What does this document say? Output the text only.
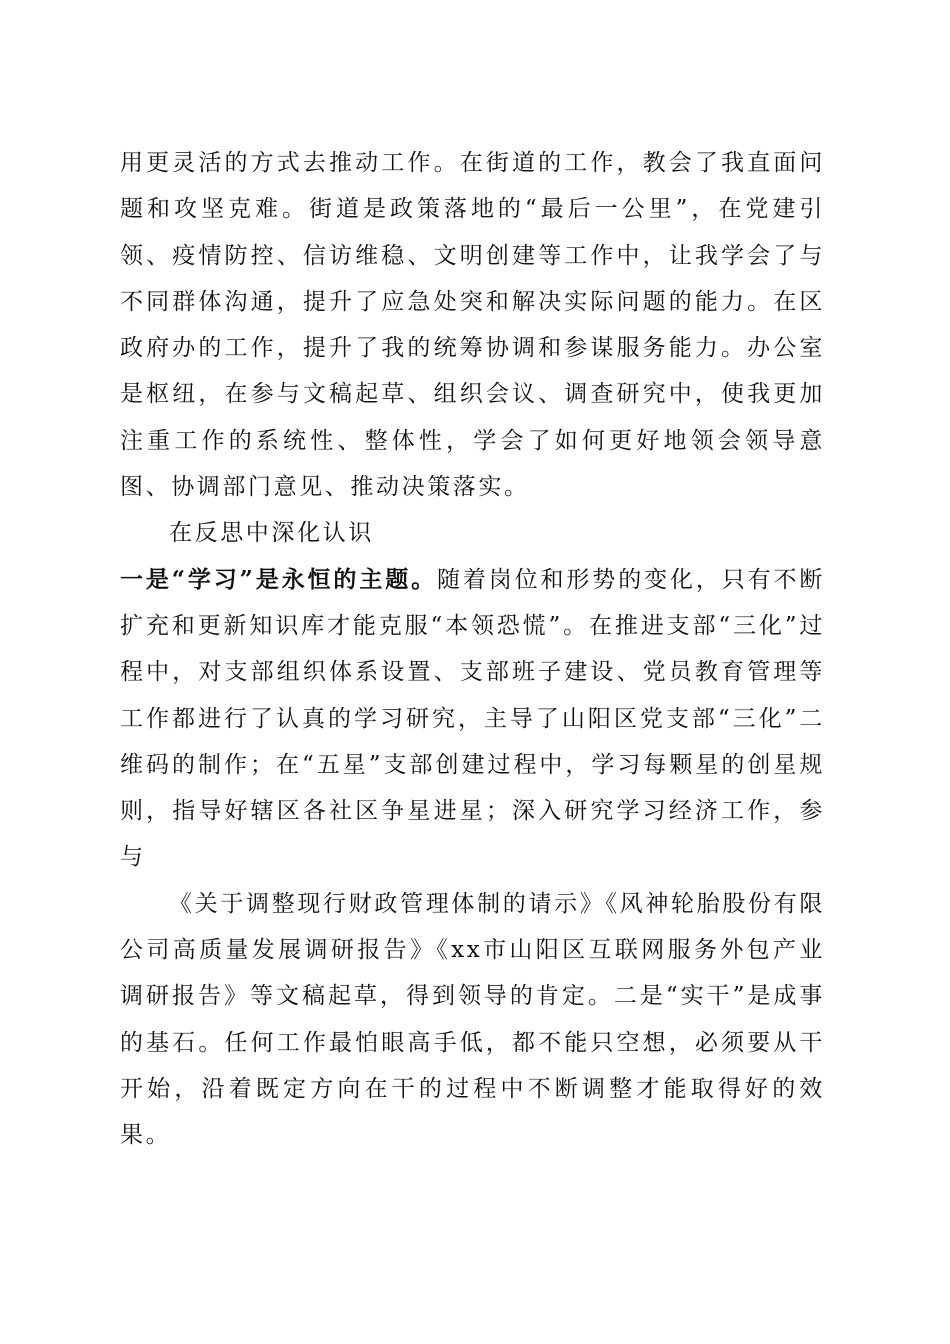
用更灵活的方式去推动工作。在街道的工作，教会了我直面问题和攻坚克难。街道是政策落地的“最后一公里”，在党建引领、疫情防控、信访维稳、文明创建等工作中，让我学会了与不同群体沟通，提升了应急处突和解决实际问题的能力。在区政府办的工作，提升了我的统筹协调和参谋服务能力。办公室是枢纽，在参与文稿起草、组织会议、调查研究中，使我更加注重工作的系统性、整体性，学会了如何更好地领会领导意图、协调部门意见、推动决策落实。

在反思中深化认识

一是“学习”是永恒的主题。随着岗位和形势的变化，只有不断扩充和更新知识库才能克服“本领恐慌”。在推进支部“三化”过程中，对支部组织体系设置、支部班子建设、党员教育管理等工作都进行了认真的学习研究，主导了山阳区党支部“三化”二维码的制作；在“五星”支部创建过程中，学习每颗星的创星规则，指导好辖区各社区争星进星；深入研究学习经济工作，参与

《关于调整现行财政管理体制的请示》《风神轮胎股份有限公司高质量发展调研报告》《xx市山阳区互联网服务外包产业调研报告》等文稿起草，得到领导的肯定。二是“实干”是成事的基石。任何工作最怕眼高手低，都不能只空想，必须要从干开始，沿着既定方向在干的过程中不断调整才能取得好的效果。
